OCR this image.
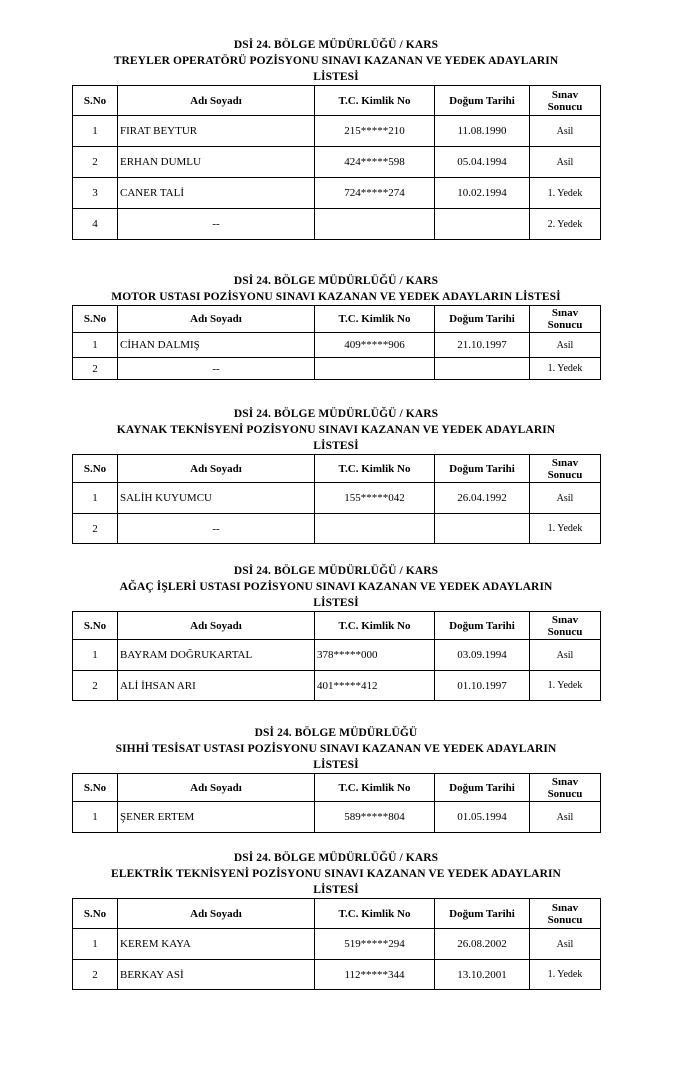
DSİ 24. BÖLGE MÜDÜRLÜĞÜ / KARS
TREYLER OPERATÖRÜ POZİSYONU SINAVI KAZANAN VE YEDEK ADAYLARIN
LİSTESİ
S.No	Adı Soyadı	T.C. Kimlik No	Doğum Tarihi	Sınav
Sonucu
1	FIRAT BEYTUR	215*****210	11.08.1990	Asil
2	ERHAN DUMLU	424*****598	05.04.1994	Asil
3	CANER TALİ	724*****274	10.02.1994	1. Yedek
4	--			2. Yedek
DSİ 24. BÖLGE MÜDÜRLÜĞÜ / KARS
MOTOR USTASI POZİSYONU SINAVI KAZANAN VE YEDEK ADAYLARIN LİSTESİ
S.No	Adı Soyadı	T.C. Kimlik No	Doğum Tarihi	Sınav
Sonucu
1	CİHAN DALMIŞ	409*****906	21.10.1997	Asil
2	--			1. Yedek
DSİ 24. BÖLGE MÜDÜRLÜĞÜ / KARS
KAYNAK TEKNİSYENİ POZİSYONU SINAVI KAZANAN VE YEDEK ADAYLARIN
LİSTESİ
S.No	Adı Soyadı	T.C. Kimlik No	Doğum Tarihi	Sınav
Sonucu
1	SALİH KUYUMCU	155*****042	26.04.1992	Asil
2	--			1. Yedek
DSİ 24. BÖLGE MÜDÜRLÜĞÜ / KARS
AĞAÇ İŞLERİ USTASI POZİSYONU SINAVI KAZANAN VE YEDEK ADAYLARIN
LİSTESİ
S.No	Adı Soyadı	T.C. Kimlik No	Doğum Tarihi	Sınav
Sonucu
1	BAYRAM DOĞRUKARTAL	378*****000	03.09.1994	Asil
2	ALİ İHSAN ARI	401*****412	01.10.1997	1. Yedek
DSİ 24. BÖLGE MÜDÜRLÜĞÜ
SIHHİ TESİSAT USTASI POZİSYONU SINAVI KAZANAN VE YEDEK ADAYLARIN
LİSTESİ
S.No	Adı Soyadı	T.C. Kimlik No	Doğum Tarihi	Sınav
Sonucu
1	ŞENER ERTEM	589*****804	01.05.1994	Asil
DSİ 24. BÖLGE MÜDÜRLÜĞÜ / KARS
ELEKTRİK TEKNİSYENİ POZİSYONU SINAVI KAZANAN VE YEDEK ADAYLARIN
LİSTESİ
S.No	Adı Soyadı	T.C. Kimlik No	Doğum Tarihi	Sınav
Sonucu
1	KEREM KAYA	519*****294	26.08.2002	Asil
2	BERKAY ASİ	112*****344	13.10.2001	1. Yedek
